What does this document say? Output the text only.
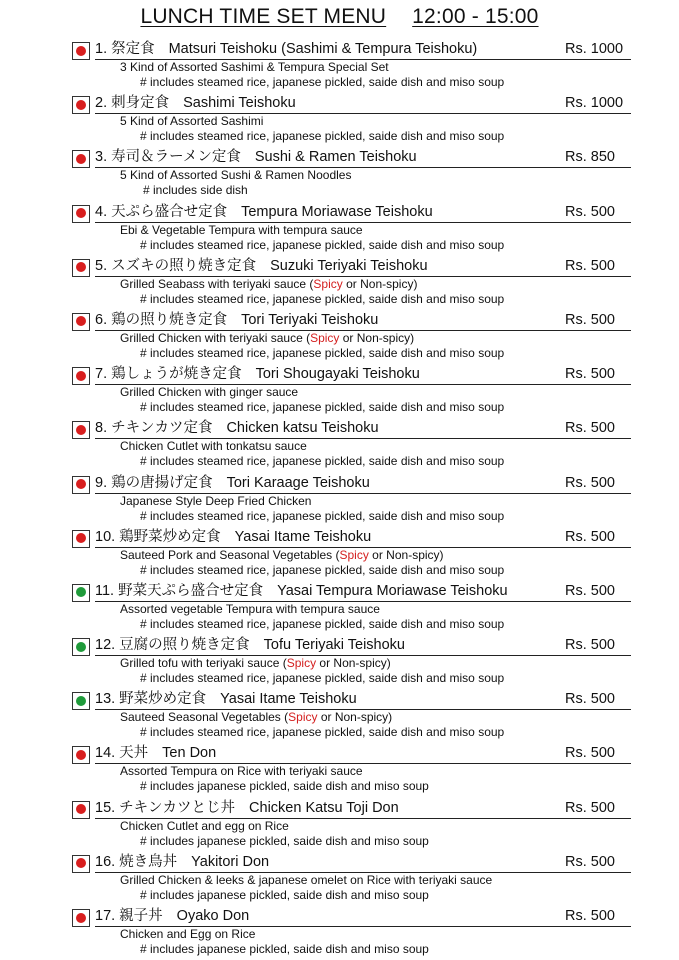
LUNCH TIME SET MENU 12:00 - 15:00
1. 祭定食 Matsuri Teishoku (Sashimi & Tempura Teishoku)	Rs. 1000
3 Kind of Assorted Sashimi & Tempura Special Set
# includes steamed rice, japanese pickled, saide dish and miso soup
2. 刺身定食 Sashimi Teishoku	Rs. 1000
5 Kind of Assorted Sashimi
# includes steamed rice, japanese pickled, saide dish and miso soup
3. 寿司＆ラーメン定食 Sushi & Ramen Teishoku	Rs. 850
5 Kind of Assorted Sushi & Ramen Noodles
# includes side dish
4. 天ぷら盛合せ定食 Tempura Moriawase Teishoku	Rs. 500
Ebi & Vegetable Tempura with tempura sauce
# includes steamed rice, japanese pickled, saide dish and miso soup
5. スズキの照り焼き定食 Suzuki Teriyaki Teishoku	Rs. 500
Grilled Seabass with teriyaki sauce (Spicy or Non-spicy)
# includes steamed rice, japanese pickled, saide dish and miso soup
6. 鶏の照り焼き定食 Tori Teriyaki Teishoku	Rs. 500
Grilled Chicken with teriyaki sauce (Spicy or Non-spicy)
# includes steamed rice, japanese pickled, saide dish and miso soup
7. 鶏しょうが焼き定食 Tori Shougayaki Teishoku	Rs. 500
Grilled Chicken with ginger sauce
# includes steamed rice, japanese pickled, saide dish and miso soup
8. チキンカツ定食 Chicken katsu Teishoku	Rs. 500
Chicken Cutlet with tonkatsu sauce
# includes steamed rice, japanese pickled, saide dish and miso soup
9. 鶏の唐揚げ定食 Tori Karaage Teishoku	Rs. 500
Japanese Style Deep Fried Chicken
# includes steamed rice, japanese pickled, saide dish and miso soup
10. 鶏野菜炒め定食 Yasai Itame Teishoku	Rs. 500
Sauteed Pork and Seasonal Vegetables (Spicy or Non-spicy)
# includes steamed rice, japanese pickled, saide dish and miso soup
11. 野菜天ぷら盛合せ定食 Yasai Tempura Moriawase Teishoku	Rs. 500
Assorted vegetable Tempura with tempura sauce
# includes steamed rice, japanese pickled, saide dish and miso soup
12. 豆腐の照り焼き定食 Tofu Teriyaki Teishoku	Rs. 500
Grilled tofu with teriyaki sauce (Spicy or Non-spicy)
# includes steamed rice, japanese pickled, saide dish and miso soup
13. 野菜炒め定食 Yasai Itame Teishoku	Rs. 500
Sauteed Seasonal Vegetables (Spicy or Non-spicy)
# includes steamed rice, japanese pickled, saide dish and miso soup
14. 天丼 Ten Don	Rs. 500
Assorted Tempura on Rice with teriyaki sauce
# includes japanese pickled, saide dish and miso soup
15. チキンカツとじ丼 Chicken Katsu Toji Don	Rs. 500
Chicken Cutlet and egg on Rice
# includes japanese pickled, saide dish and miso soup
16. 焼き鳥丼 Yakitori Don	Rs. 500
Grilled Chicken & leeks & japanese omelet on Rice with teriyaki sauce
# includes japanese pickled, saide dish and miso soup
17. 親子丼 Oyako Don	Rs. 500
Chicken and Egg on Rice
# includes japanese pickled, saide dish and miso soup
